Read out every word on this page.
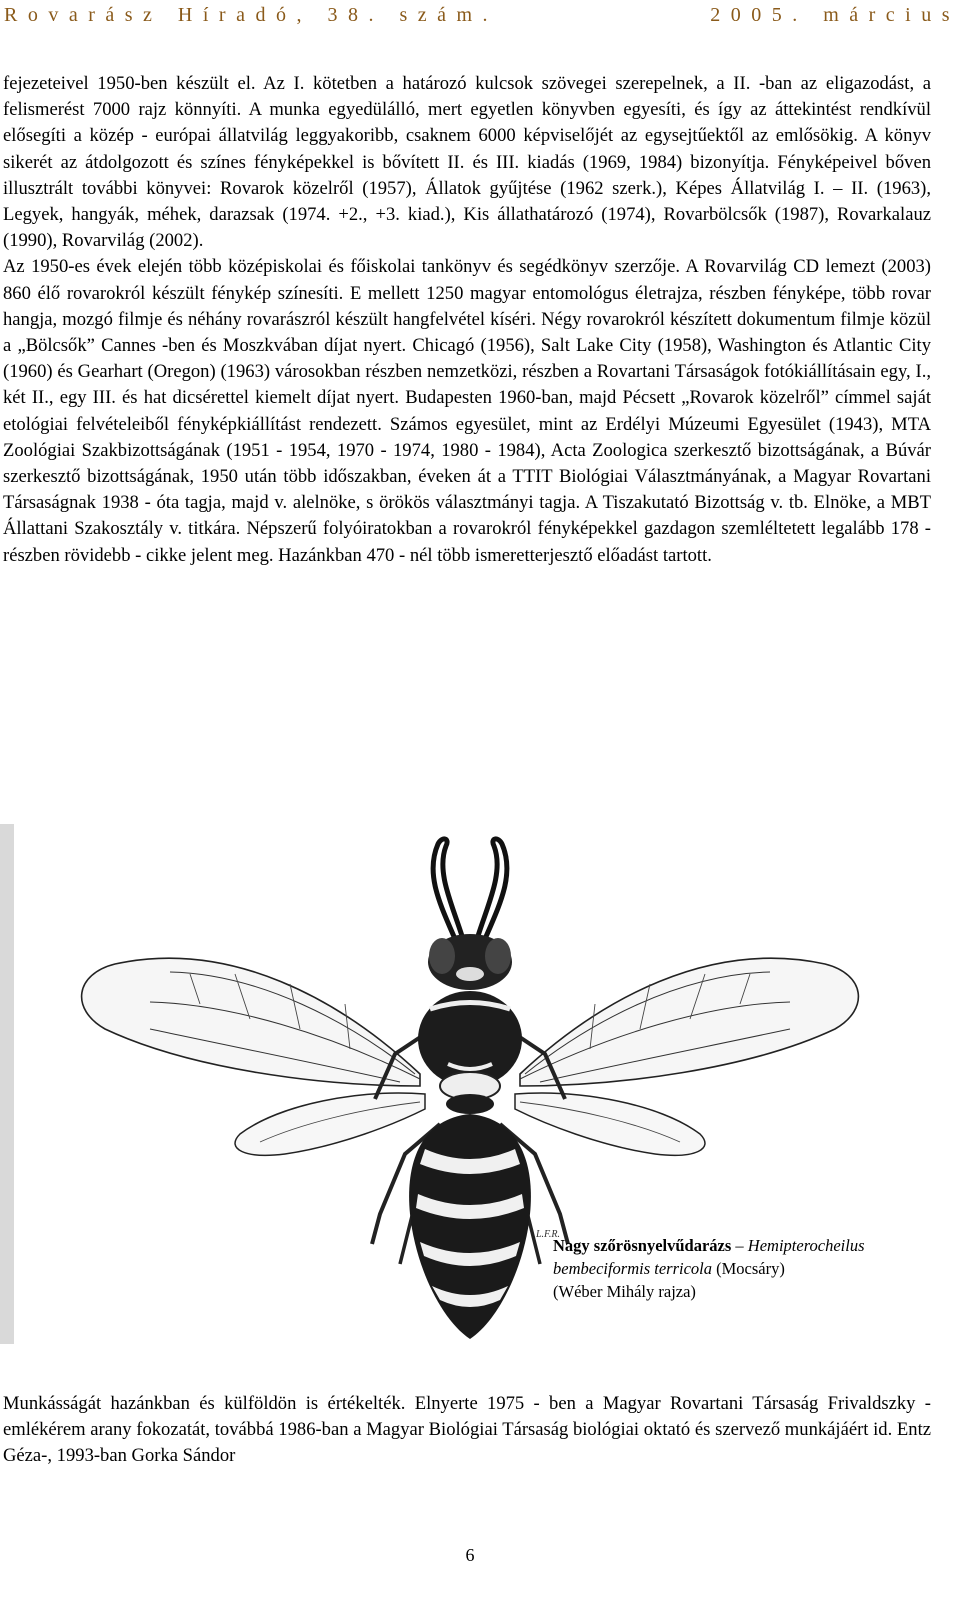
Rovarász Híradó, 38. szám.	2005. március

fejezeteivel 1950-ben készült el. Az I. kötetben a határozó kulcsok szövegei szerepelnek, a II. -ban az eligazodást, a felismerést 7000 rajz könnyíti. A munka egyedülálló, mert egyetlen könyvben egyesíti, és így az áttekintést rendkívül elősegíti a közép - európai állatvilág leggyakoribb, csaknem 6000 képviselőjét az egysejtűektől az emlősökig. A könyv sikerét az átdolgozott és színes fényképekkel is bővített II. és III. kiadás (1969, 1984) bizonyítja. Fényképeivel bőven illusztrált további könyvei: Rovarok közelről (1957), Állatok gyűjtése (1962 szerk.), Képes Állatvilág I. – II. (1963), Legyek, hangyák, méhek, darazsak (1974. +2., +3. kiad.), Kis állathatározó (1974), Rovarbölcsők (1987), Rovarkalauz (1990), Rovarvilág (2002).

Az 1950-es évek elején több középiskolai és főiskolai tankönyv és segédkönyv szerzője. A Rovarvilág CD lemezt (2003) 860 élő rovarokról készült fénykép színesíti. E mellett 1250 magyar entomológus életrajza, részben fényképe, több rovar hangja, mozgó filmje és néhány rovarászról készült hangfelvétel kíséri. Négy rovarokról készített dokumentum filmje közül a „Bölcsők” Cannes -ben és Moszkvában díjat nyert. Chicagó (1956), Salt Lake City (1958), Washington és Atlantic City (1960) és Gearhart (Oregon) (1963) városokban részben nemzetközi, részben a Rovartani Társaságok fotókiállításain egy, I., két II., egy III. és hat dicsérettel kiemelt díjat nyert. Budapesten 1960-ban, majd Pécsett „Rovarok közelről” címmel saját etológiai felvételeiből fényképkiállítást rendezett. Számos egyesület, mint az Erdélyi Múzeumi Egyesület (1943), MTA Zoológiai Szakbizottságának (1951 - 1954, 1970 - 1974, 1980 - 1984), Acta Zoologica szerkesztő bizottságának, a Búvár szerkesztő bizottságának, 1950 után több időszakban, éveken át a TTIT Biológiai Választmányának, a Magyar Rovartani Társaságnak 1938 - óta tagja, majd v. alelnöke, s örökös választmányi tagja. A Tiszakutató Bizottság v. tb. Elnöke, a MBT Állattani Szakosztály v. titkára. Népszerű folyóiratokban a rovarokról fényképekkel gazdagon szemléltetett legalább 178 - részben rövidebb - cikke jelent meg. Hazánkban 470 - nél több ismeretterjesztő előadást tartott.

L.F.R.
Nagy szőrösnyelvűdarázs – Hemipterocheilus bembeciformis terricola (Mocsáry)
(Wéber Mihály rajza)

Munkásságát hazánkban és külföldön is értékelték. Elnyerte 1975 - ben a Magyar Rovartani Társaság Frivaldszky - emlékérem arany fokozatát, továbbá 1986-ban a Magyar Biológiai Társaság biológiai oktató és szervező munkájáért id. Entz Géza-, 1993-ban Gorka Sándor

6
